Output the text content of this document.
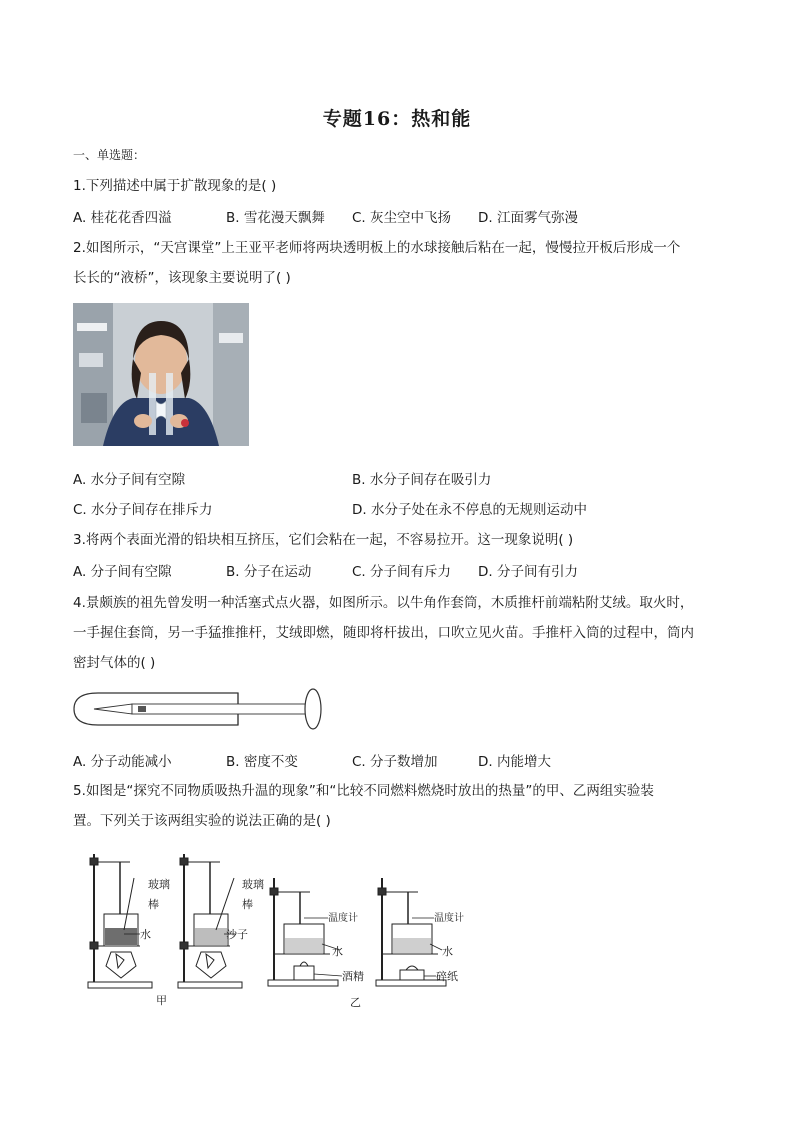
专题16：热和能
一、单选题：
1.下列描述中属于扩散现象的是( )
A. 桂花花香四溢	B. 雪花漫天飘舞 C. 灰尘空中飞扬 D. 江面雾气弥漫
2.如图所示，“天宫课堂”上王亚平老师将两块透明板上的水球接触后粘在一起，慢慢拉开板后形成一个
长长的“液桥”，该现象主要说明了( )
A. 水分子间有空隙	B. 水分子间存在吸引力
C. 水分子间存在排斥力	D. 水分子处在永不停息的无规则运动中
3.将两个表面光滑的铅块相互挤压，它们会粘在一起，不容易拉开。这一现象说明( )
A. 分子间有空隙	B. 分子在运动	C. 分子间有斥力 D. 分子间有引力
4.景颇族的祖先曾发明一种活塞式点火器，如图所示。以牛角作套筒，木质推杆前端粘附艾绒。取火时，
一手握住套筒，另一手猛推推杆，艾绒即燃，随即将杆拔出，口吹立见火苗。手推杆入筒的过程中，筒内
密封气体的( )
A. 分子动能减小	B. 密度不变	C. 分子数增加	D. 内能增大
5.如图是“探究不同物质吸热升温的现象”和“比较不同燃料燃烧时放出的热量”的甲、乙两组实验装
置。下列关于该两组实验的说法正确的是( )
玻璃
棒
水
玻璃
棒
沙子
温度计
水
酒精
温度计
水
碎纸
甲	乙
